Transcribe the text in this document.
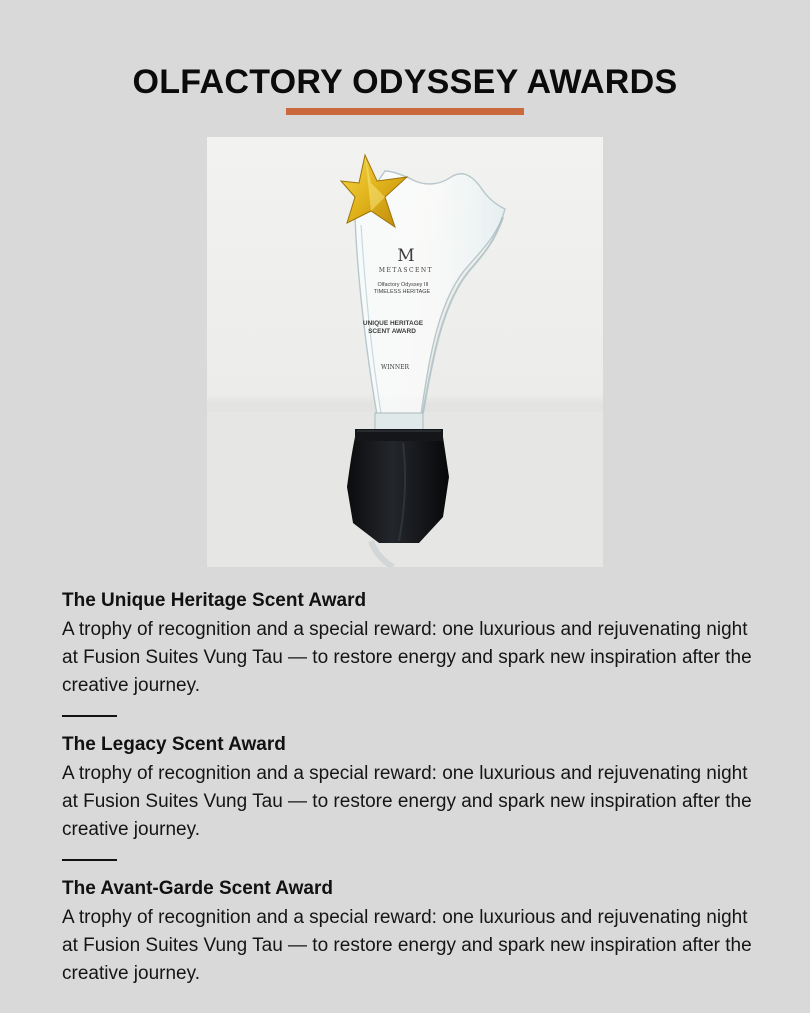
OLFACTORY ODYSSEY AWARDS
M
METASCENT
Olfactory Odyssey III
TIMELESS HERITAGE
UNIQUE HERITAGE
SCENT AWARD
WINNER

The Unique Heritage Scent Award

A trophy of recognition and a special reward: one luxurious and rejuvenating night at Fusion Suites Vung Tau — to restore energy and spark new inspiration after the creative journey.

The Legacy Scent Award

A trophy of recognition and a special reward: one luxurious and rejuvenating night at Fusion Suites Vung Tau — to restore energy and spark new inspiration after the creative journey.

The Avant-Garde Scent Award

A trophy of recognition and a special reward: one luxurious and rejuvenating night at Fusion Suites Vung Tau — to restore energy and spark new inspiration after the creative journey.
